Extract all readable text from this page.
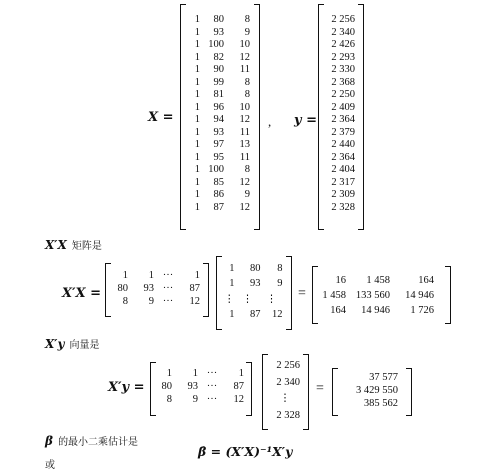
X =
1	80	8
1	93	9
1	100	10
1	82	12
1	90	11
1	99	8
1	81	8
1	96	10
1	94	12
1	93	11
1	97	13
1	95	11
1	100	8
1	85	12
1	86	9
1	87	12
, y =
2 256
2 340
2 426
2 293
2 330
2 368
2 250
2 409
2 364
2 379
2 440
2 364
2 404
2 317
2 309
2 328
X′X 矩阵是
X′X =
1	1	···	1
80	93	···	87
8	9	···	12
1	80	8
1	93	9
⋮	⋮	⋮
1	87	12
=
16	1 458	164
1 458	133 560	14 946
164	14 946	1 726
X′y 向量是
X′y =
1	1	···	1
80	93	···	87
8	9	···	12
2 256
2 340
⋮
2 328
=
37 577
3 429 550
385 562
β 的最小二乘估计是
β̂ = (X′X)⁻¹X′y
或
